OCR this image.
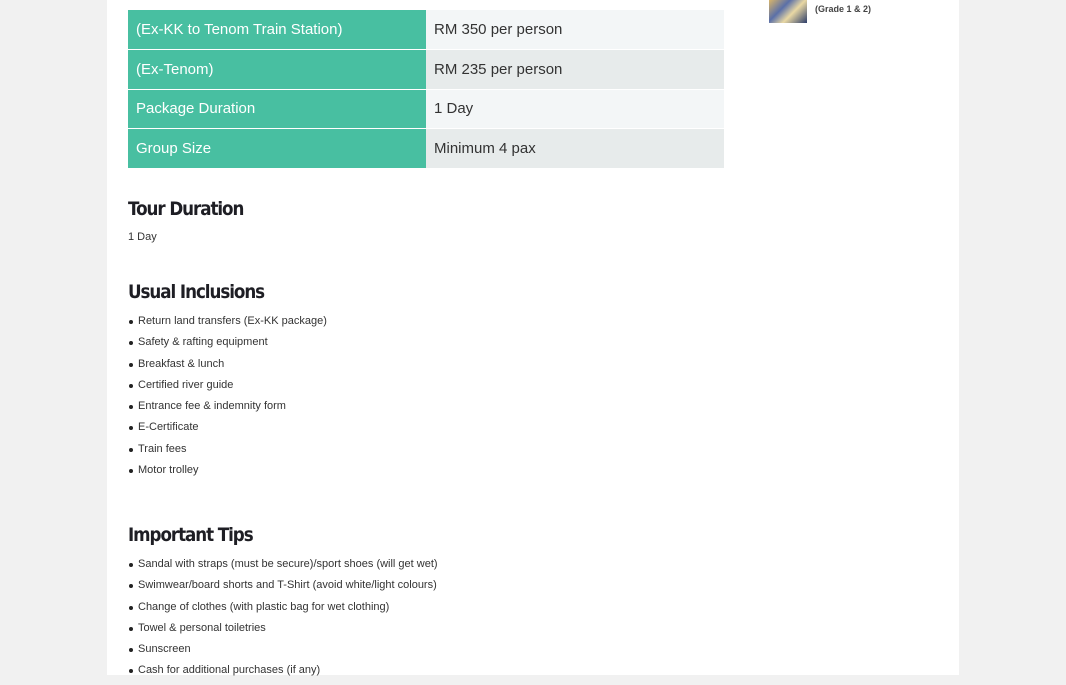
(Ex-KK to Tenom Train Station)	RM 350 per person
(Ex-Tenom)	RM 235 per person
Package Duration	1 Day
Group Size	Minimum 4 pax
Tour Duration
1 Day
Usual Inclusions
Return land transfers (Ex-KK package)
Safety & rafting equipment
Breakfast & lunch
Certified river guide
Entrance fee & indemnity form
E-Certificate
Train fees
Motor trolley
Important Tips
Sandal with straps (must be secure)/sport shoes (will get wet)
Swimwear/board shorts and T-Shirt (avoid white/light colours)
Change of clothes (with plastic bag for wet clothing)
Towel & personal toiletries
Sunscreen
Cash for additional purchases (if any)
(Grade 1 & 2)
